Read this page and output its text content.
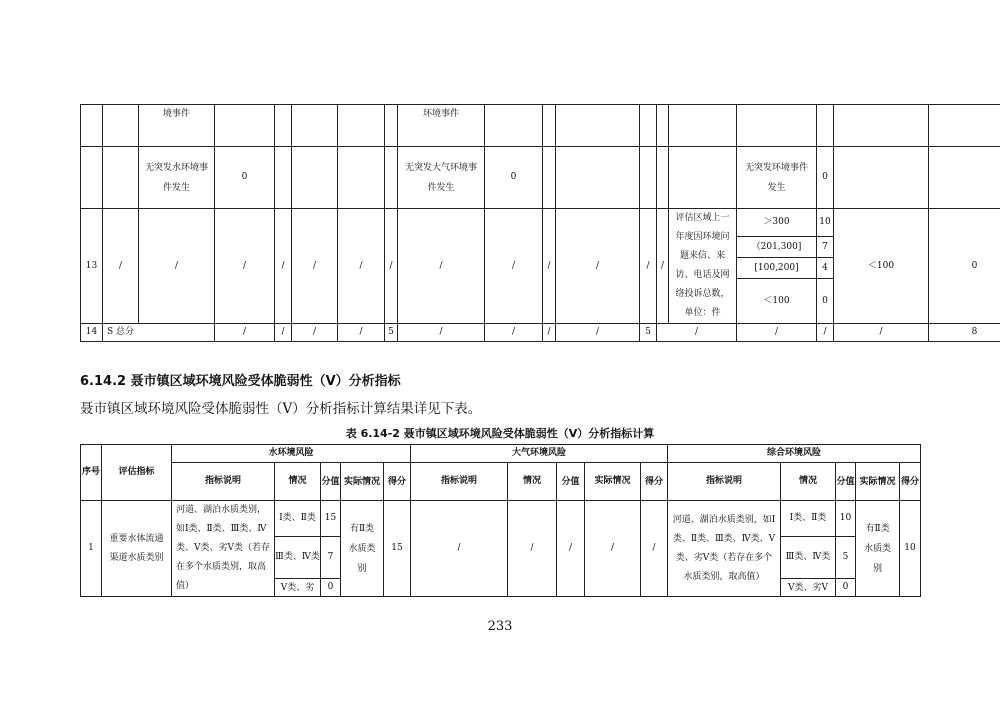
		境事件						环境事件										
		无突发水环境事件发生	0					无突发大气环境事件发生	0						无突发环境事件发生	0		
13	/	/	/	/	/	/	/	/	/	/	/	/	/	评估区域上一年度因环境问题来信、来访、电话及网络投诉总数，单位：件	＞300	10	＜100	0
															（201,300]	7		
															[100,200]	4		
															＜100	0		
14	S 总分		/	/	/	/	5	/	/	/	/	5	/		/	/	/	8
6.14.2 聂市镇区域环境风险受体脆弱性（V）分析指标
聂市镇区域环境风险受体脆弱性（V）分析指标计算结果详见下表。
表 6.14-2 聂市镇区域环境风险受体脆弱性（V）分析指标计算
序号	评估指标	水环境风险					大气环境风险					综合环境风险				
		指标说明	情况	分值	实际情况	得分	指标说明	情况	分值	实际情况	得分	指标说明	情况	分值	实际情况	得分
1	重要水体流通渠道水质类别	河道、湖泊水质类别，如Ⅰ类、Ⅱ类、Ⅲ类、Ⅳ类、Ⅴ类、劣Ⅴ类（若存在多个水质类别，取高值）	Ⅰ类、Ⅱ类	15	有Ⅱ类水质类别	15	/	/	/	/	/	河道、湖泊水质类别，如Ⅰ类、Ⅱ类、Ⅲ类、Ⅳ类、Ⅴ类、劣Ⅴ类（若存在多个水质类别，取高值）	Ⅰ类、Ⅱ类	10	有Ⅱ类水质类别	10
			Ⅲ类、Ⅳ类	7									Ⅲ类、Ⅳ类	5		
			Ⅴ类、劣	0									Ⅴ类、劣Ⅴ	0		
233
